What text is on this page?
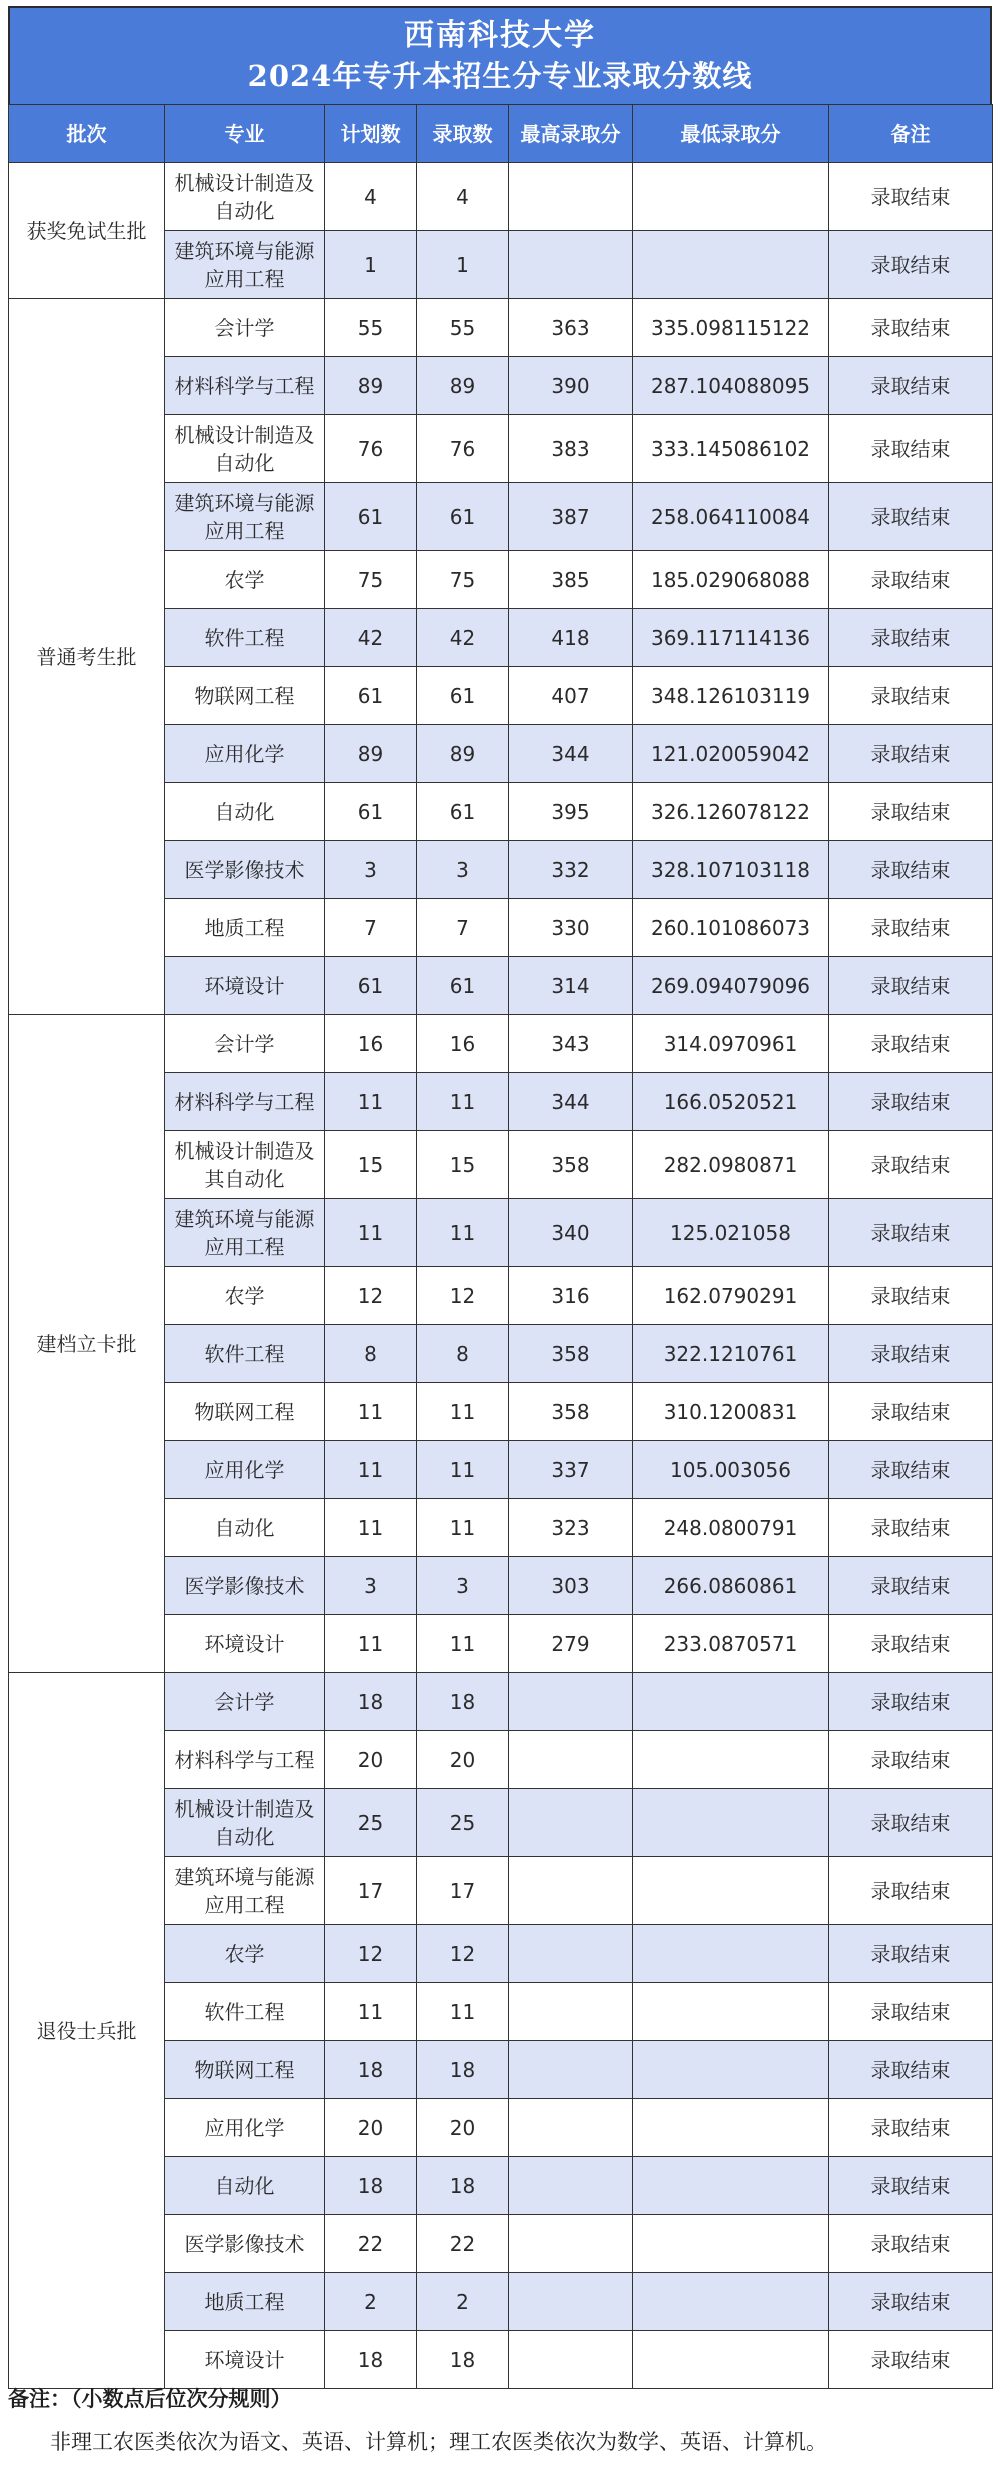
西南科技大学
2024年专升本招生分专业录取分数线
批次	专业	计划数	录取数	最高录取分	最低录取分	备注
获奖免试生批	机械设计制造及自动化	4	4			录取结束
	建筑环境与能源应用工程	1	1			录取结束
普通考生批	会计学	55	55	363	335.098115122	录取结束
	材料科学与工程	89	89	390	287.104088095	录取结束
	机械设计制造及自动化	76	76	383	333.145086102	录取结束
	建筑环境与能源应用工程	61	61	387	258.064110084	录取结束
	农学	75	75	385	185.029068088	录取结束
	软件工程	42	42	418	369.117114136	录取结束
	物联网工程	61	61	407	348.126103119	录取结束
	应用化学	89	89	344	121.020059042	录取结束
	自动化	61	61	395	326.126078122	录取结束
	医学影像技术	3	3	332	328.107103118	录取结束
	地质工程	7	7	330	260.101086073	录取结束
	环境设计	61	61	314	269.094079096	录取结束
建档立卡批	会计学	16	16	343	314.0970961	录取结束
	材料科学与工程	11	11	344	166.0520521	录取结束
	机械设计制造及其自动化	15	15	358	282.0980871	录取结束
	建筑环境与能源应用工程	11	11	340	125.021058	录取结束
	农学	12	12	316	162.0790291	录取结束
	软件工程	8	8	358	322.1210761	录取结束
	物联网工程	11	11	358	310.1200831	录取结束
	应用化学	11	11	337	105.003056	录取结束
	自动化	11	11	323	248.0800791	录取结束
	医学影像技术	3	3	303	266.0860861	录取结束
	环境设计	11	11	279	233.0870571	录取结束
退役士兵批	会计学	18	18			录取结束
	材料科学与工程	20	20			录取结束
	机械设计制造及自动化	25	25			录取结束
	建筑环境与能源应用工程	17	17			录取结束
	农学	12	12			录取结束
	软件工程	11	11			录取结束
	物联网工程	18	18			录取结束
	应用化学	20	20			录取结束
	自动化	18	18			录取结束
	医学影像技术	22	22			录取结束
	地质工程	2	2			录取结束
	环境设计	18	18			录取结束
备注：（小数点后位次分规则）
非理工农医类依次为语文、英语、计算机；理工农医类依次为数学、英语、计算机。
